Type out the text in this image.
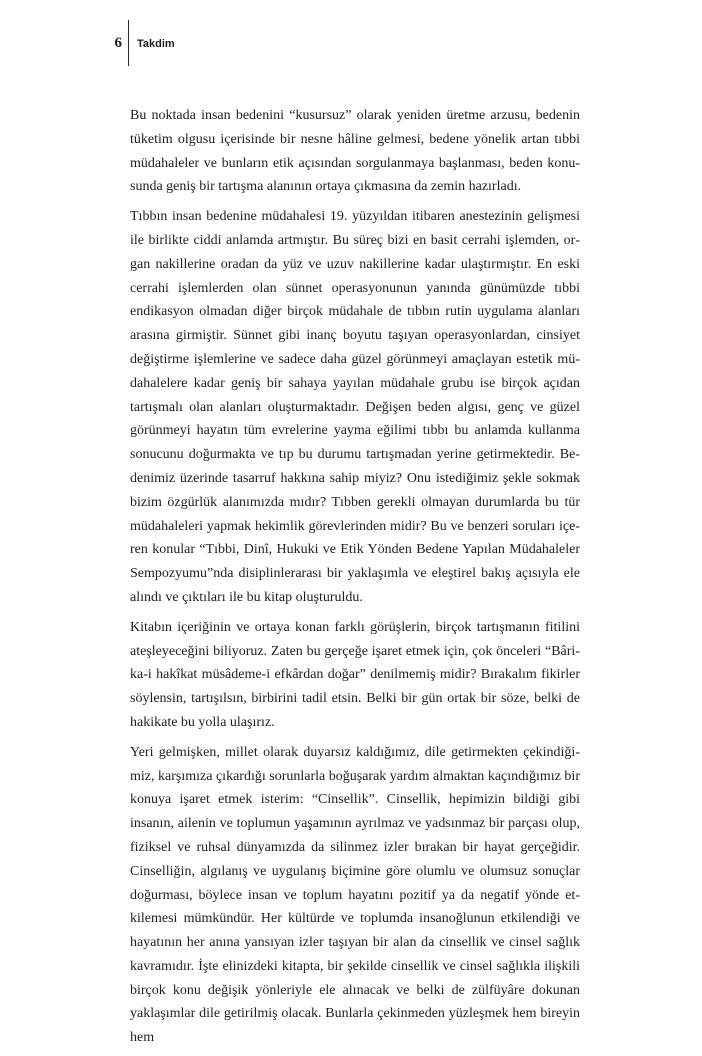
6 Takdim

Bu noktada insan bedenini “kusursuz” olarak yeniden üretme arzusu, bedenin tüketim olgusu içerisinde bir nesne hâline gelmesi, bedene yönelik artan tıbbi müdahaleler ve bunların etik açısından sorgulanmaya başlanması, beden konusunda geniş bir tartışma alanının ortaya çıkmasına da zemin hazırladı.

Tıbbın insan bedenine müdahalesi 19. yüzyıldan itibaren anestezinin gelişmesi ile birlikte ciddi anlamda artmıştır. Bu süreç bizi en basit cerrahi işlemden, organ nakillerine oradan da yüz ve uzuv nakillerine kadar ulaştırmıştır. En eski cerrahi işlemlerden olan sünnet operasyonunun yanında günümüzde tıbbi endikasyon olmadan diğer birçok müdahale de tıbbın rutin uygulama alanları arasına girmiştir. Sünnet gibi inanç boyutu taşıyan operasyonlardan, cinsiyet değiştirme işlemlerine ve sadece daha güzel görünmeyi amaçlayan estetik müdahalelere kadar geniş bir sahaya yayılan müdahale grubu ise birçok açıdan tartışmalı olan alanları oluşturmaktadır. Değişen beden algısı, genç ve güzel görünmeyi hayatın tüm evrelerine yayma eğilimi tıbbı bu anlamda kullanma sonucunu doğurmakta ve tıp bu durumu tartışmadan yerine getirmektedir. Bedenimiz üzerinde tasarruf hakkına sahip miyiz? Onu istediğimiz şekle sokmak bizim özgürlük alanımızda mıdır? Tıbben gerekli olmayan durumlarda bu tür müdahaleleri yapmak hekimlik görevlerinden midir? Bu ve benzeri soruları içeren konular “Tıbbi, Dinî, Hukuki ve Etik Yönden Bedene Yapılan Müdahaleler Sempozyumu”nda disiplinlerarası bir yaklaşımla ve eleştirel bakış açısıyla ele alındı ve çıktıları ile bu kitap oluşturuldu.

Kitabın içeriğinin ve ortaya konan farklı görüşlerin, birçok tartışmanın fitilini ateşleyeceğini biliyoruz. Zaten bu gerçeğe işaret etmek için, çok önceleri “Bârika-i hakîkat müsâdeme-i efkârdan doğar” denilmemiş midir? Bırakalım fikirler söylensin, tartışılsın, birbirini tadil etsin. Belki bir gün ortak bir söze, belki de hakikate bu yolla ulaşırız.

Yeri gelmişken, millet olarak duyarsız kaldığımız, dile getirmekten çekindiğimiz, karşımıza çıkardığı sorunlarla boğuşarak yardım almaktan kaçındığımız bir konuya işaret etmek isterim: “Cinsellik”. Cinsellik, hepimizin bildiği gibi insanın, ailenin ve toplumun yaşamının ayrılmaz ve yadsınmaz bir parçası olup, fiziksel ve ruhsal dünyamızda da silinmez izler bırakan bir hayat gerçeğidir. Cinselliğin, algılanış ve uygulanış biçimine göre olumlu ve olumsuz sonuçlar doğurması, böylece insan ve toplum hayatını pozitif ya da negatif yönde etkilemesi mümkündür. Her kültürde ve toplumda insanoğlunun etkilendiği ve hayatının her anına yansıyan izler taşıyan bir alan da cinsellik ve cinsel sağlık kavramıdır. İşte elinizdeki kitapta, bir şekilde cinsellik ve cinsel sağlıkla ilişkili birçok konu değişik yönleriyle ele alınacak ve belki de zülfüyâre dokunan yaklaşımlar dile getirilmiş olacak. Bunlarla çekinmeden yüzleşmek hem bireyin hem
